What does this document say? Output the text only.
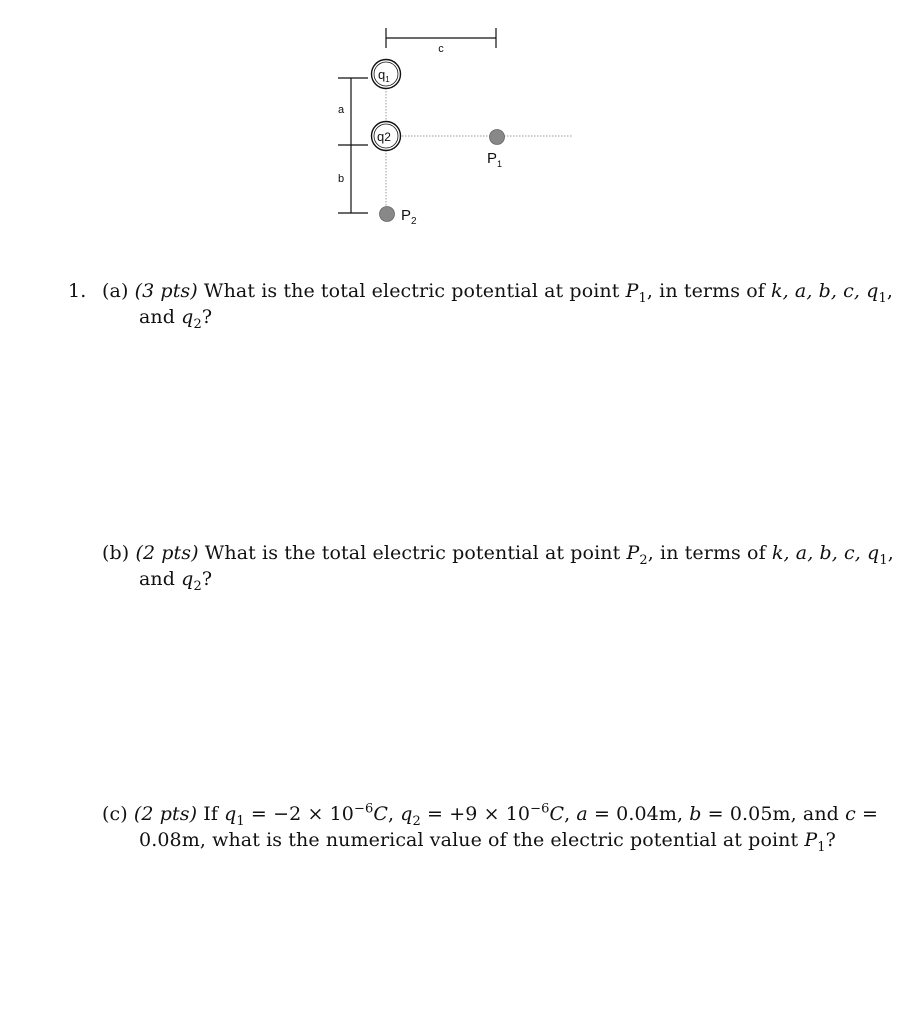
c
a
b
$q_1$
q2
$P_1$
$P_2$
1. (a) (3 pts) What is the total electric potential at point $P_1$, in terms of k, a, b, c, $q_1$,
and $q_2$?
(b) (2 pts) What is the total electric potential at point $P_2$, in terms of k, a, b, c, $q_1$,
and $q_2$?
(c) (2 pts) If $q_1 = -2 \times 10^{-6}C$, $q_2 = +9 \times 10^{-6}C$, a = 0.04m, b = 0.05m, and c =
0.08m, what is the numerical value of the electric potential at point $P_1$?
